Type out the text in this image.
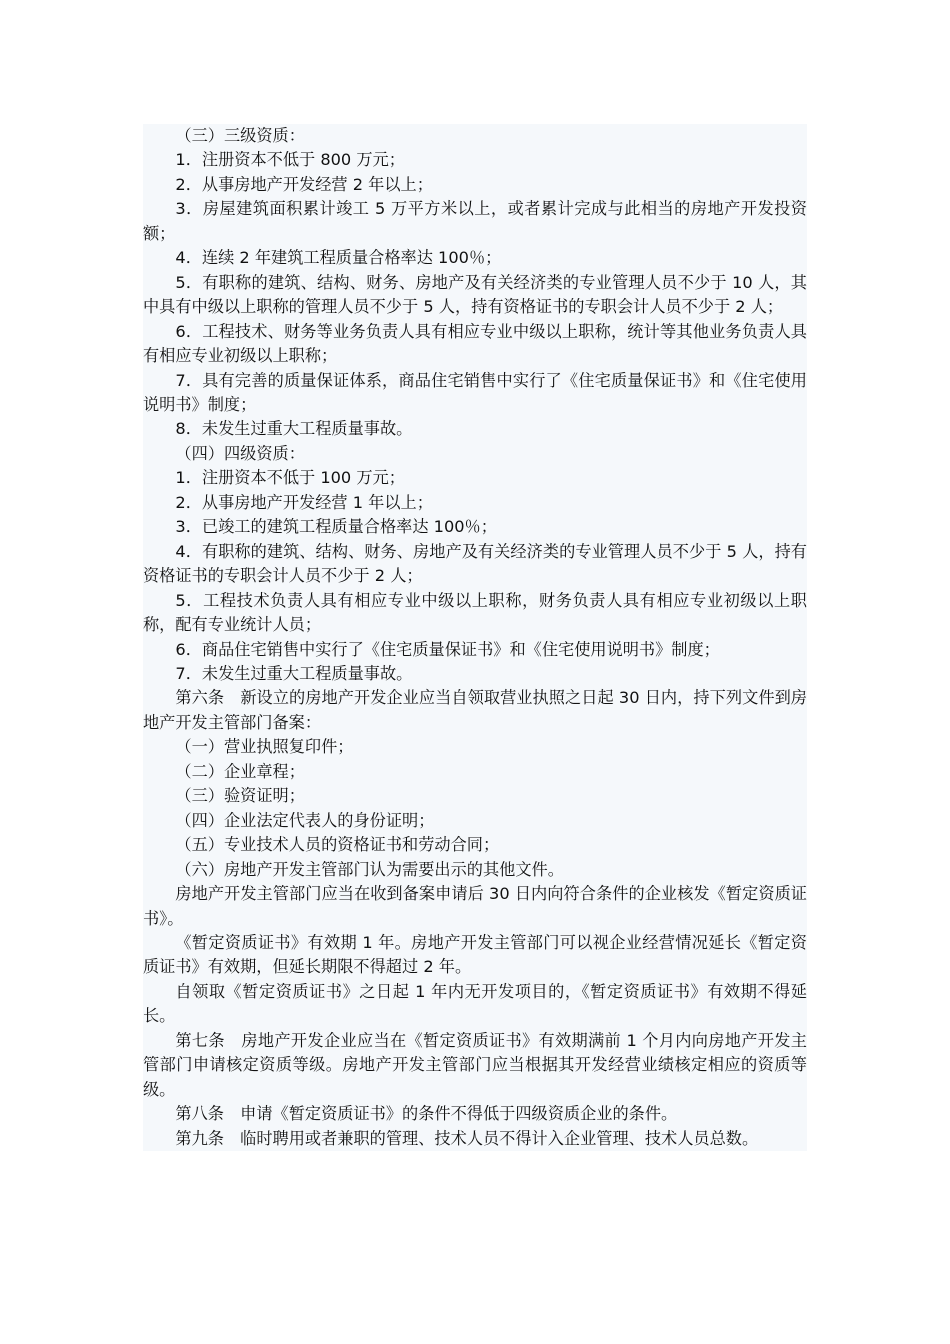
（三）三级资质：

1．注册资本不低于 800 万元；

2．从事房地产开发经营 2 年以上；

3．房屋建筑面积累计竣工 5 万平方米以上，或者累计完成与此相当的房地产开发投资额；

4．连续 2 年建筑工程质量合格率达 100％；

5．有职称的建筑、结构、财务、房地产及有关经济类的专业管理人员不少于 10 人，其中具有中级以上职称的管理人员不少于 5 人，持有资格证书的专职会计人员不少于 2 人；

6．工程技术、财务等业务负责人具有相应专业中级以上职称，统计等其他业务负责人具有相应专业初级以上职称；

7．具有完善的质量保证体系，商品住宅销售中实行了《住宅质量保证书》和《住宅使用说明书》制度；

8．未发生过重大工程质量事故。

（四）四级资质：

1．注册资本不低于 100 万元；

2．从事房地产开发经营 1 年以上；

3．已竣工的建筑工程质量合格率达 100％；

4．有职称的建筑、结构、财务、房地产及有关经济类的专业管理人员不少于 5 人，持有资格证书的专职会计人员不少于 2 人；

5．工程技术负责人具有相应专业中级以上职称，财务负责人具有相应专业初级以上职称，配有专业统计人员；

6．商品住宅销售中实行了《住宅质量保证书》和《住宅使用说明书》制度；

7．未发生过重大工程质量事故。

第六条　新设立的房地产开发企业应当自领取营业执照之日起 30 日内，持下列文件到房地产开发主管部门备案：

（一）营业执照复印件；

（二）企业章程；

（三）验资证明；

（四）企业法定代表人的身份证明；

（五）专业技术人员的资格证书和劳动合同；

（六）房地产开发主管部门认为需要出示的其他文件。

房地产开发主管部门应当在收到备案申请后 30 日内向符合条件的企业核发《暂定资质证书》。

《暂定资质证书》有效期 1 年。房地产开发主管部门可以视企业经营情况延长《暂定资质证书》有效期，但延长期限不得超过 2 年。

自领取《暂定资质证书》之日起 1 年内无开发项目的，《暂定资质证书》有效期不得延长。

第七条　房地产开发企业应当在《暂定资质证书》有效期满前 1 个月内向房地产开发主管部门申请核定资质等级。房地产开发主管部门应当根据其开发经营业绩核定相应的资质等级。

第八条　申请《暂定资质证书》的条件不得低于四级资质企业的条件。

第九条　临时聘用或者兼职的管理、技术人员不得计入企业管理、技术人员总数。
